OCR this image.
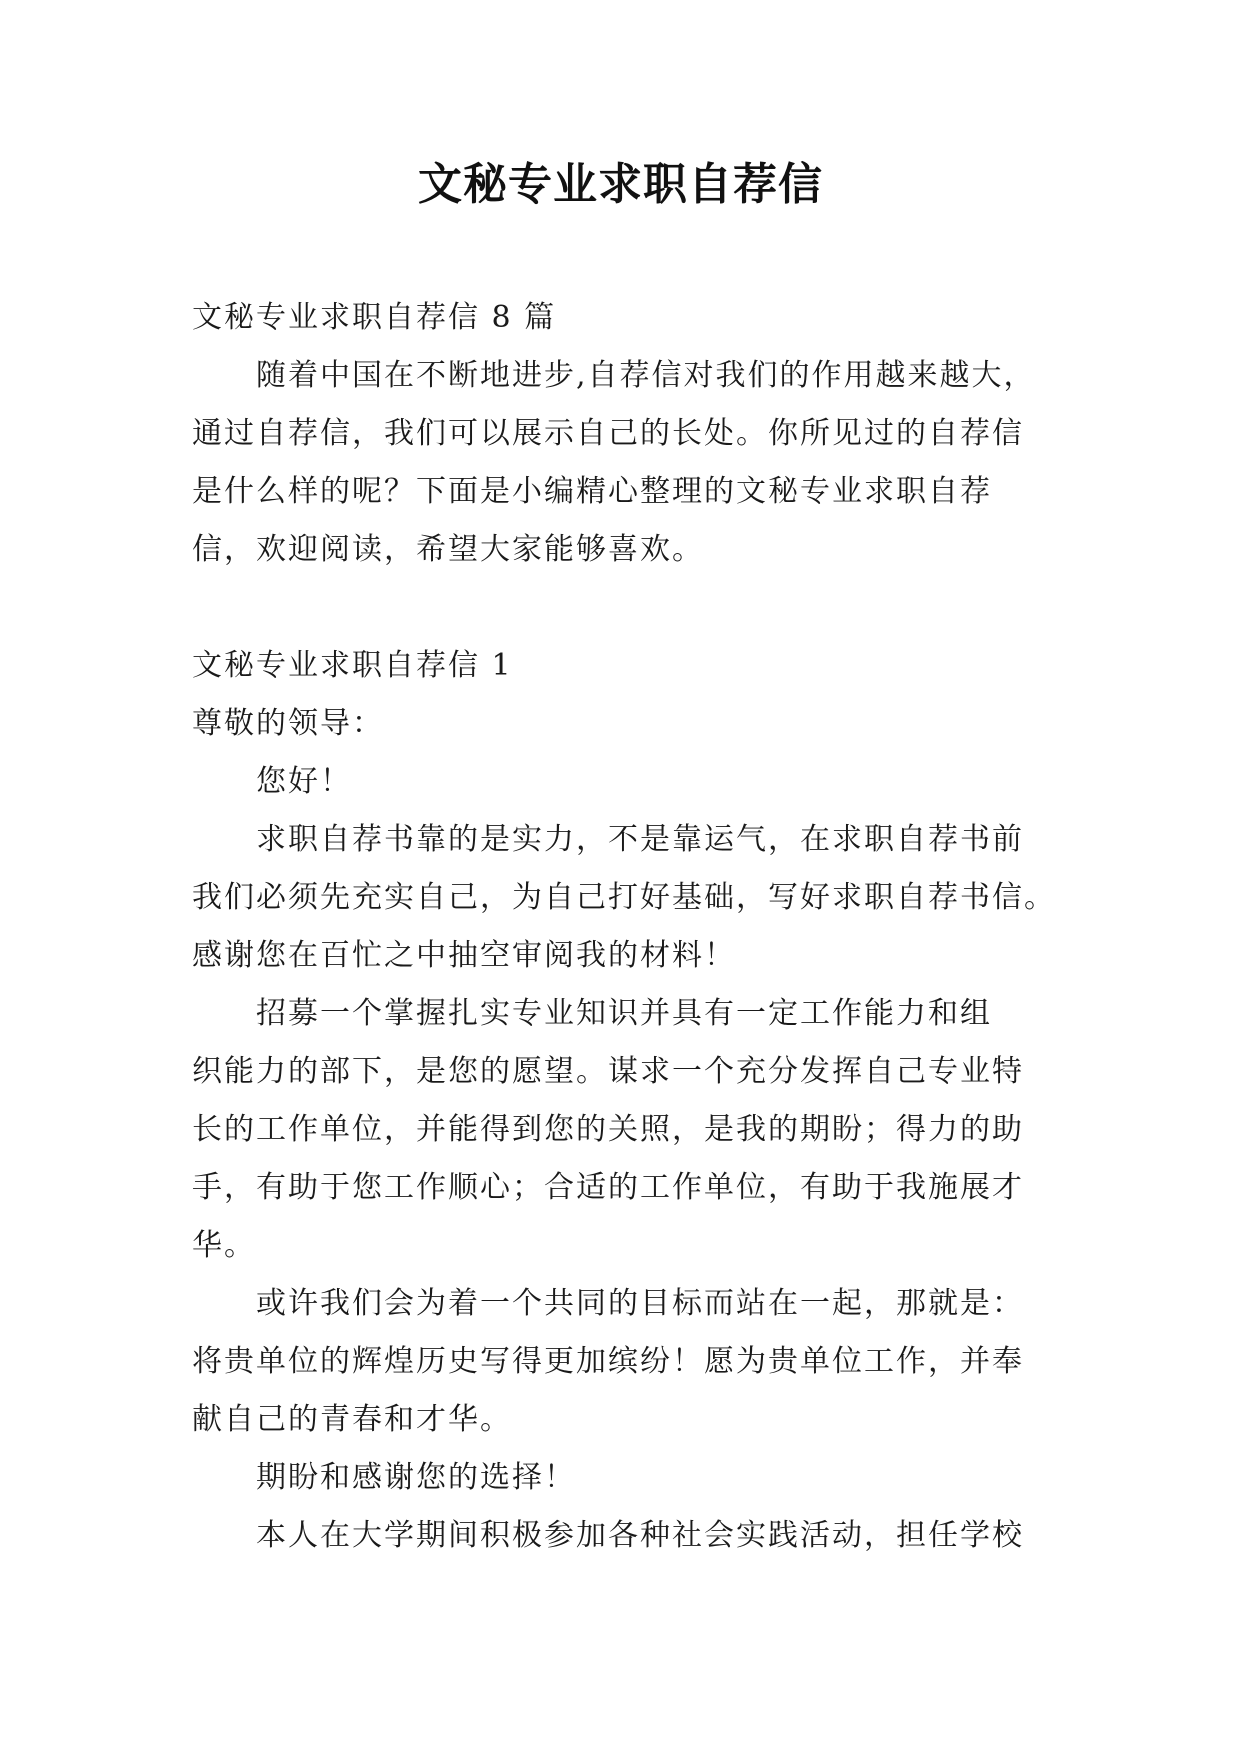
文秘专业求职自荐信
文秘专业求职自荐信 8 篇
随着中国在不断地进步,自荐信对我们的作用越来越大，
通过自荐信，我们可以展示自己的长处。你所见过的自荐信
是什么样的呢？下面是小编精心整理的文秘专业求职自荐
信，欢迎阅读，希望大家能够喜欢。
文秘专业求职自荐信 1
尊敬的领导：
您好！
求职自荐书靠的是实力，不是靠运气，在求职自荐书前
我们必须先充实自己，为自己打好基础，写好求职自荐书信。
感谢您在百忙之中抽空审阅我的材料！
招募一个掌握扎实专业知识并具有一定工作能力和组
织能力的部下，是您的愿望。谋求一个充分发挥自己专业特
长的工作单位，并能得到您的关照，是我的期盼；得力的助
手，有助于您工作顺心；合适的工作单位，有助于我施展才
华。
或许我们会为着一个共同的目标而站在一起，那就是：
将贵单位的辉煌历史写得更加缤纷！愿为贵单位工作，并奉
献自己的青春和才华。
期盼和感谢您的选择！
本人在大学期间积极参加各种社会实践活动，担任学校
